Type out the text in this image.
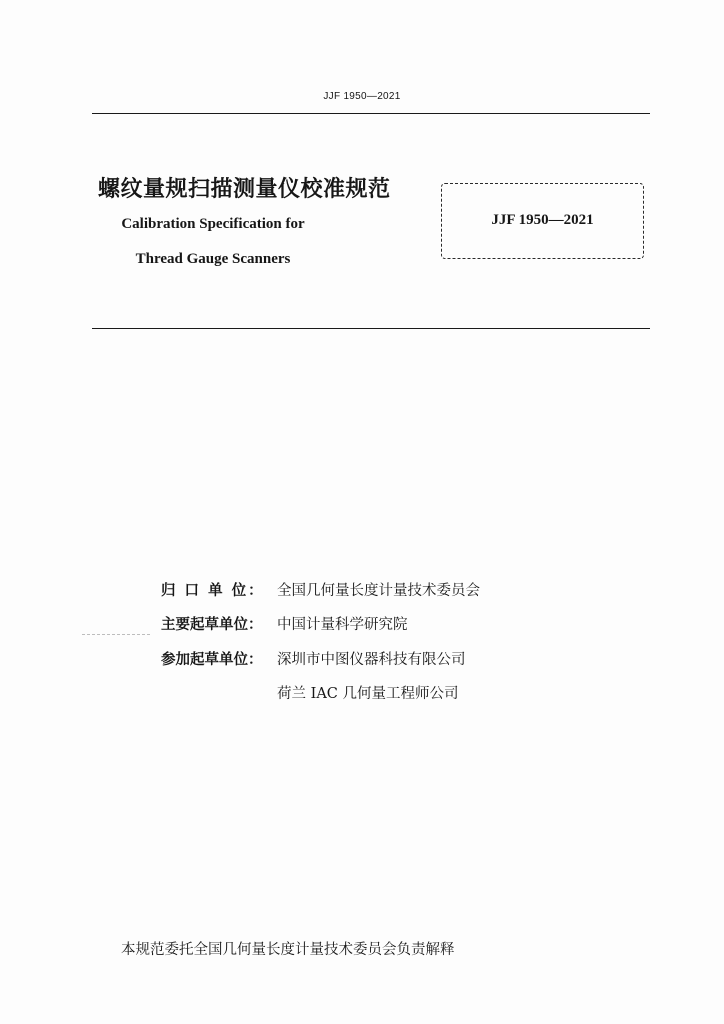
JJF 1950—2021
螺纹量规扫描测量仪校准规范
Calibration Specification for
Thread Gauge Scanners
JJF 1950—2021
归 口 单 位： 全国几何量长度计量技术委员会
主要起草单位： 中国计量科学研究院
参加起草单位： 深圳市中图仪器科技有限公司
荷兰 IAC 几何量工程师公司
本规范委托全国几何量长度计量技术委员会负责解释
